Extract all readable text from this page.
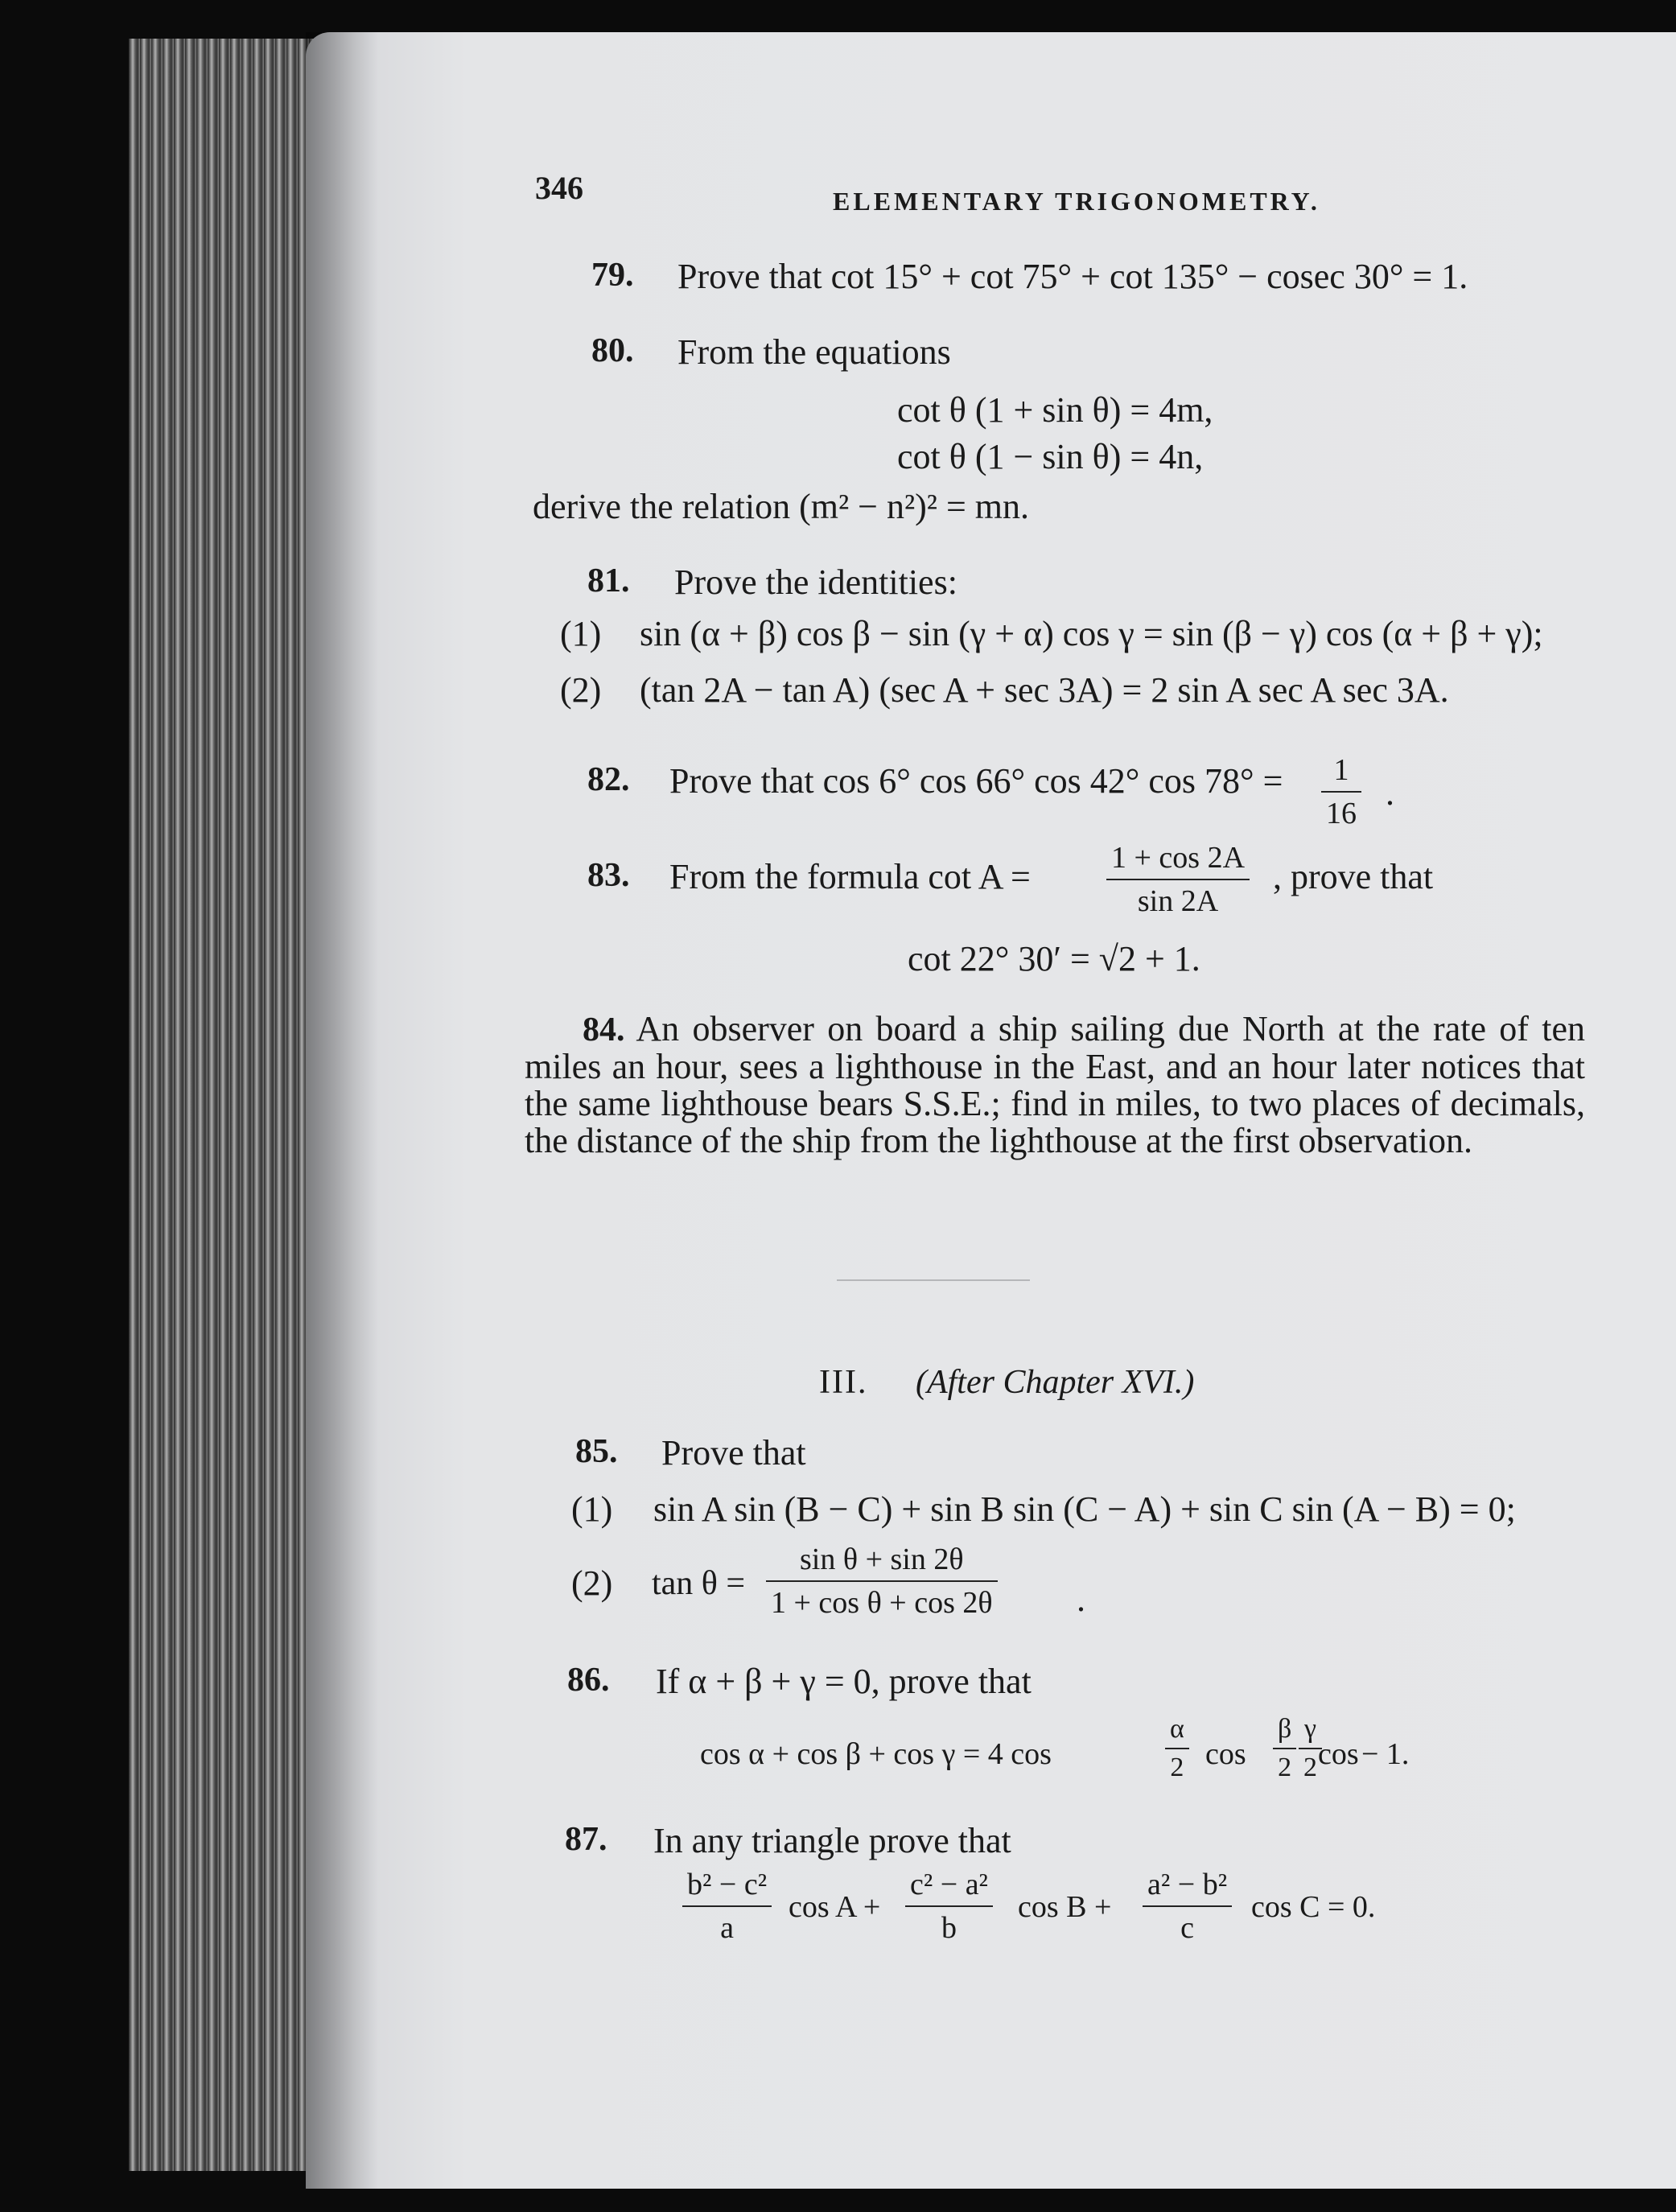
346	ELEMENTARY TRIGONOMETRY.
79. Prove that cot 15° + cot 75° + cot 135° − cosec 30° = 1.
80. From the equations
cot θ (1 + sin θ) = 4m,
cot θ (1 − sin θ) = 4n,
derive the relation (m² − n²)² = mn.
81. Prove the identities:
(1) sin (α + β) cos β − sin (γ + α) cos γ = sin (β − γ) cos (α + β + γ);
(2) (tan 2A − tan A) (sec A + sec 3A) = 2 sin A sec A sec 3A.
82. Prove that cos 6° cos 66° cos 42° $\cos 78^\circ = \frac{1}{16}$ .
83. From the formula $\cot A = \frac{1 + \cos 2A}{\sin 2A}$ , prove that
cot 22° 30′ = √2 + 1.
84. An observer on board a ship sailing due North at the rate of ten miles an hour, sees a lighthouse in the East, and an hour later notices that the same lighthouse bears S.S.E.; find in miles, to two places of decimals, the distance of the ship from the lighthouse at the first observation.
III. (After Chapter XVI.)
85. Prove that
(1) sin A sin (B − C) + sin B sin (C − A) + sin C sin (A − B) = 0;
(2) $\tan \theta = \frac{\text{sin θ + sin 2θ}}{\text{1 + cos θ + cos 2θ}}$ .
86. If α + β + γ = 0, prove that
cos α + cos β + cos γ = 4 cos	$\frac{\alpha}{2}$ $\cos \frac{\beta}{2}$ cos
$\frac{\gamma}{2} - 1$.
87. In any triangle prove that
$\frac{\text{b² − c²}}{a}$ $\cos A + \frac{\text{c² − a²}}{b}$ $\cos B + \frac{\text{a² − b²}}{c}$ cos C = 0.
